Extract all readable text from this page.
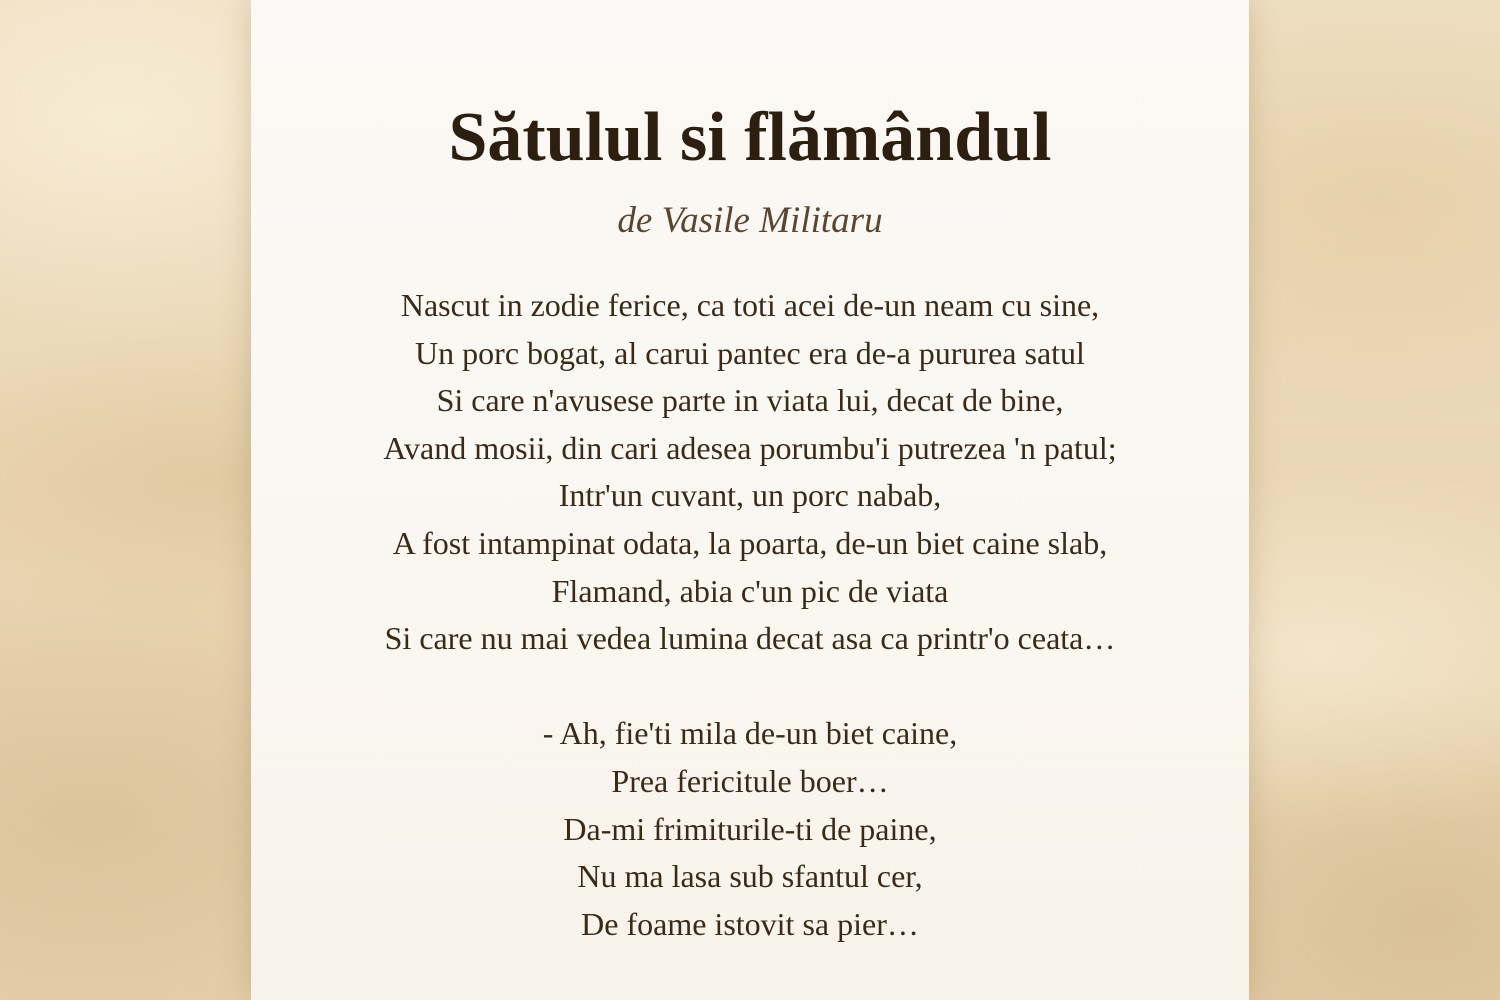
Sătulul si flămândul
de Vasile Militaru
Nascut in zodie ferice, ca toti acei de-un neam cu sine,
Un porc bogat, al carui pantec era de-a pururea satul
Si care n'avusese parte in viata lui, decat de bine,
Avand mosii, din cari adesea porumbu'i putrezea 'n patul;
Intr'un cuvant, un porc nabab,
A fost intampinat odata, la poarta, de-un biet caine slab,
Flamand, abia c'un pic de viata
Si care nu mai vedea lumina decat asa ca printr'o ceata…
- Ah, fie'ti mila de-un biet caine,
Prea fericitule boer…
Da-mi frimiturile-ti de paine,
Nu ma lasa sub sfantul cer,
De foame istovit sa pier…
